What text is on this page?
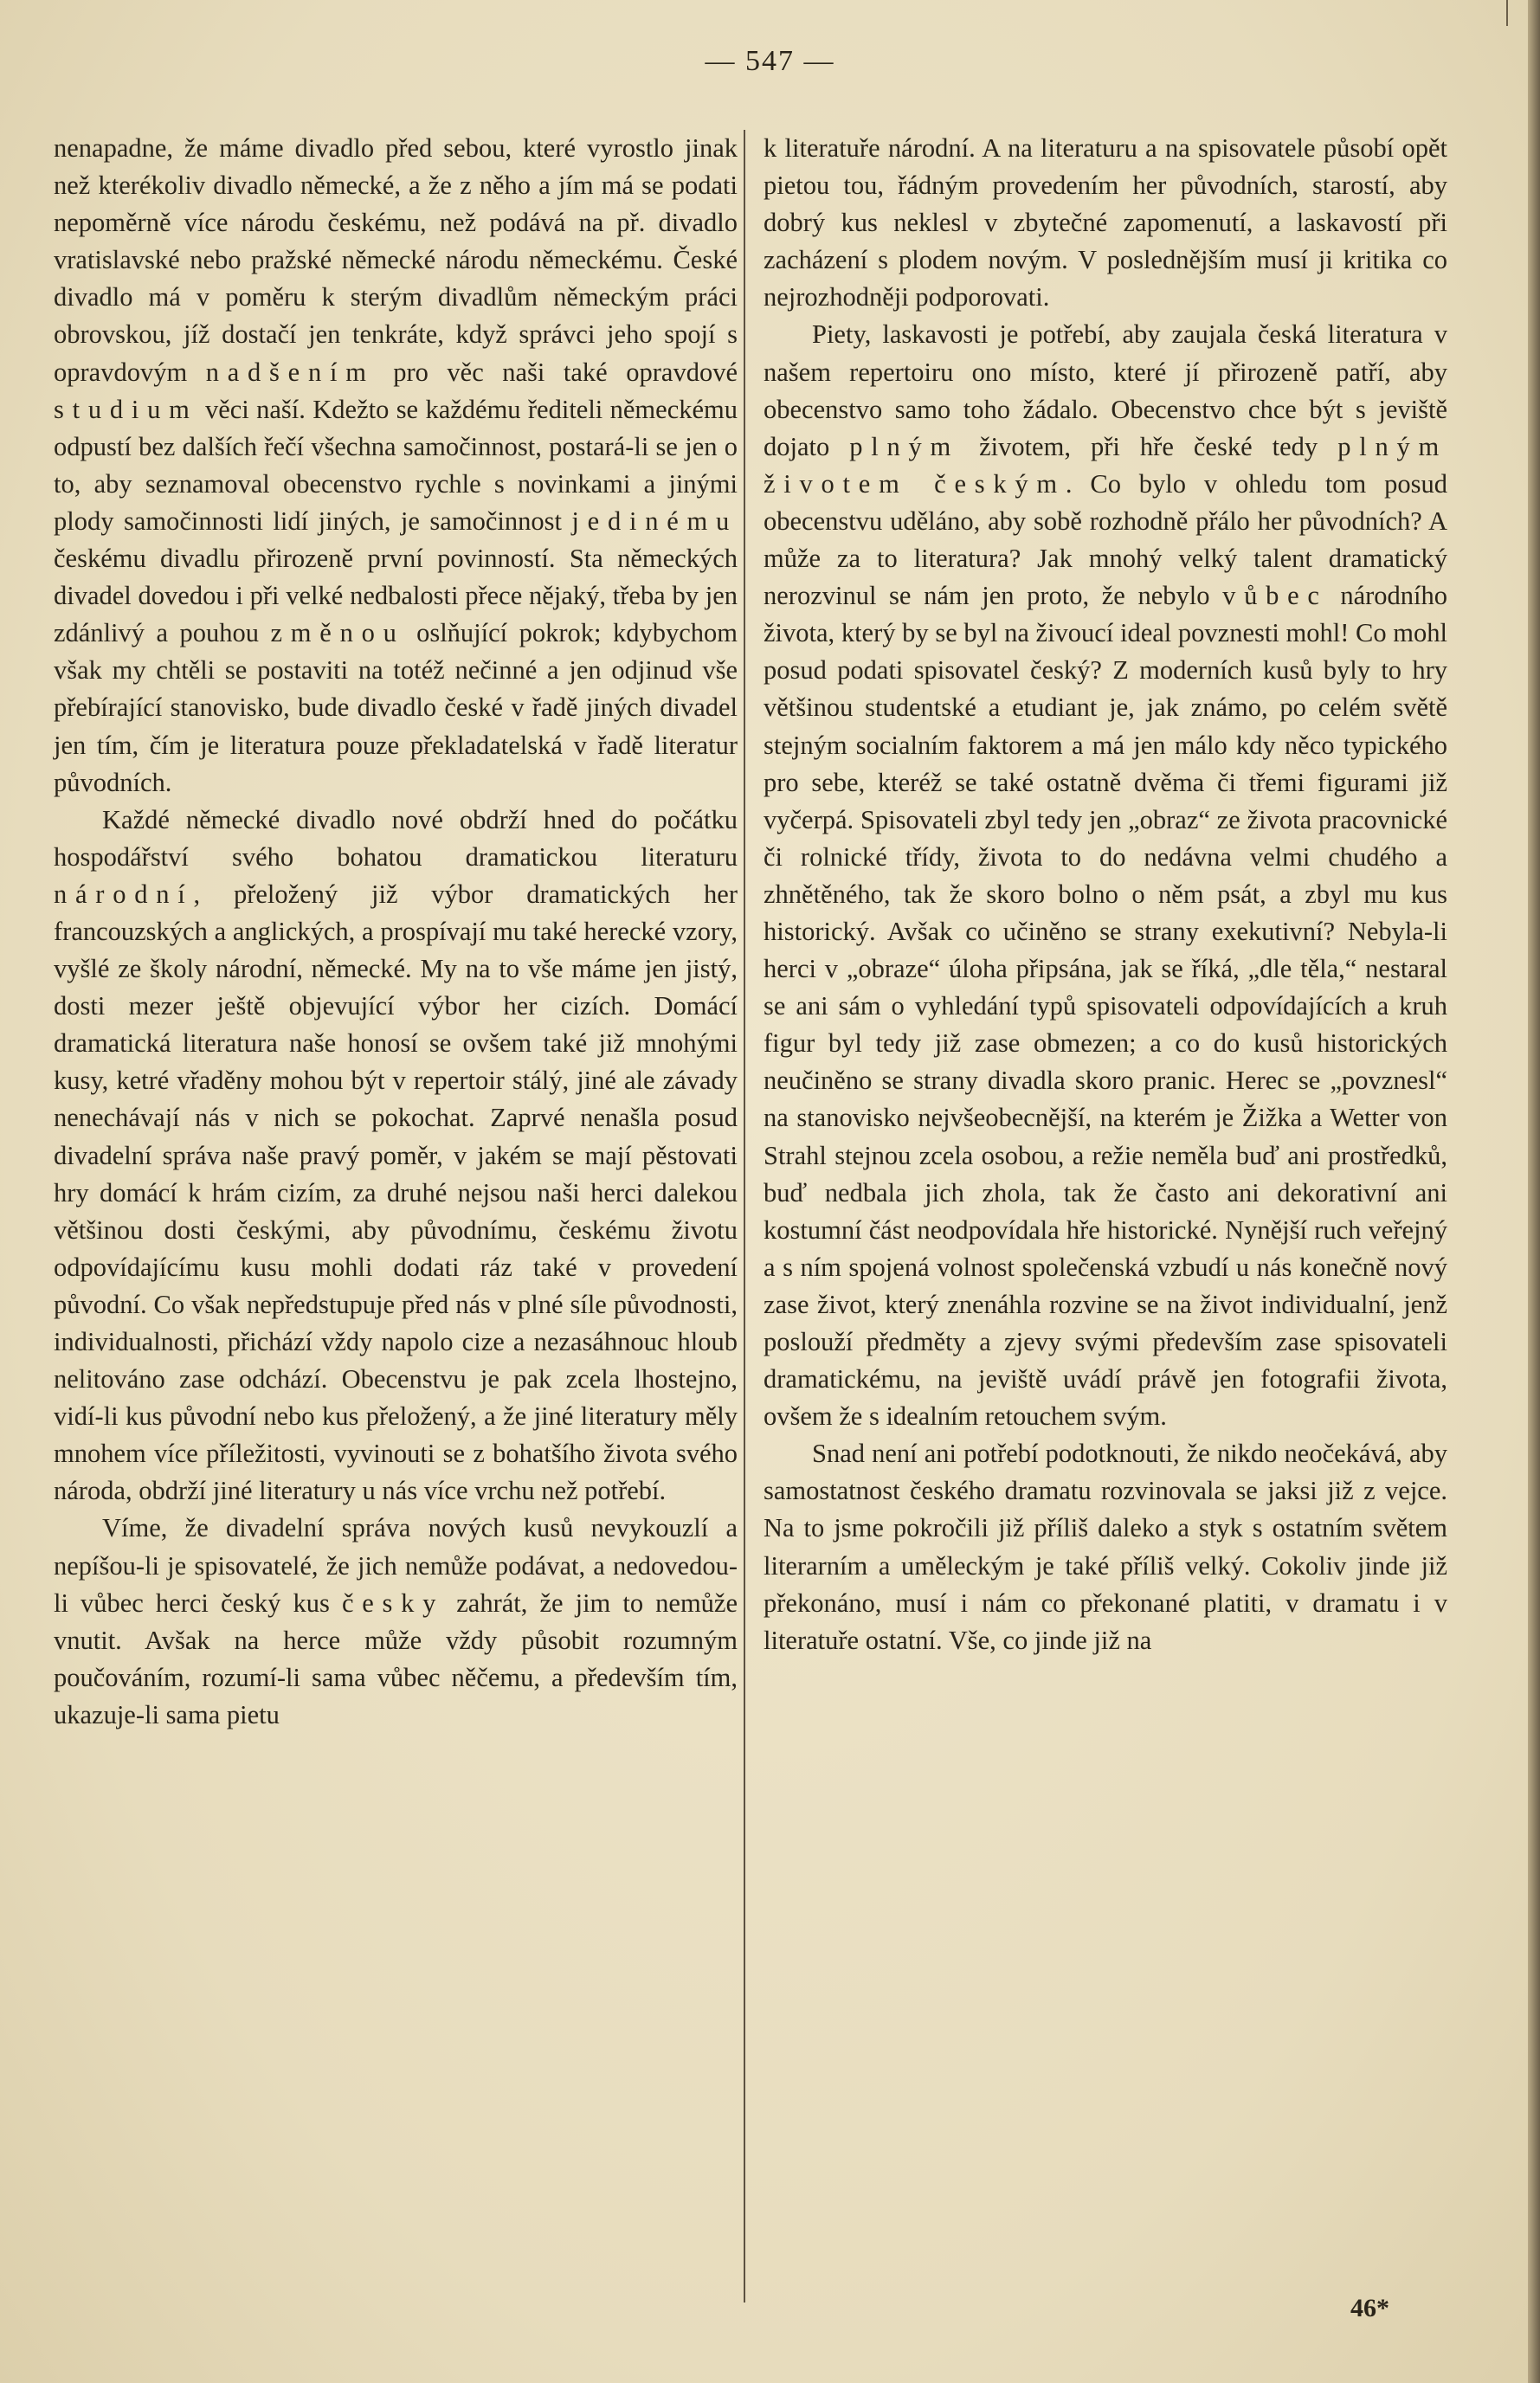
— 547 —

nenapadne, že máme divadlo před sebou, které vyrostlo jinak než kterékoliv divadlo německé, a že z něho a jím má se podati nepoměrně více národu českému, než podává na př. divadlo vratislavské nebo pražské německé národu německému. České divadlo má v poměru k sterým divadlům německým práci obrovskou, jíž dostačí jen tenkráte, když správci jeho spojí s opravdovým nadšením pro věc naši také opravdové studium věci naší. Kdežto se každému řediteli německému odpustí bez dalších řečí všechna samočinnost, postará-li se jen o to, aby seznamoval obecenstvo rychle s novinkami a jinými plody samočinnosti lidí jiných, je samočinnost jedinému českému divadlu přirozeně první povinností. Sta německých divadel dovedou i při velké nedbalosti přece nějaký, třeba by jen zdánlivý a pouhou změnou oslňující pokrok; kdybychom však my chtěli se postaviti na totéž nečinné a jen odjinud vše přebírající stanovisko, bude divadlo české v řadě jiných divadel jen tím, čím je literatura pouze překladatelská v řadě literatur původních.

Každé německé divadlo nové obdrží hned do počátku hospodářství svého bohatou dramatickou literaturu národní, přeložený již výbor dramatických her francouzských a anglických, a prospívají mu také herecké vzory, vyšlé ze školy národní, německé. My na to vše máme jen jistý, dosti mezer ještě objevující výbor her cizích. Domácí dramatická literatura naše honosí se ovšem také již mnohými kusy, ketré vřaděny mohou být v repertoir stálý, jiné ale závady nenechávají nás v nich se pokochat. Zaprvé nenašla posud divadelní správa naše pravý poměr, v jakém se mají pěstovati hry domácí k hrám cizím, za druhé nejsou naši herci dalekou většinou dosti českými, aby původnímu, českému životu odpovídajícímu kusu mohli dodati ráz také v provedení původní. Co však nepředstupuje před nás v plné síle původnosti, individualnosti, přichází vždy napolo cize a nezasáhnouc hloub nelitováno zase odchází. Obecenstvu je pak zcela lhostejno, vidí-li kus původní nebo kus přeložený, a že jiné literatury měly mnohem více příležitosti, vyvinouti se z bohatšího života svého národa, obdrží jiné literatury u nás více vrchu než potřebí.

Víme, že divadelní správa nových kusů nevykouzlí a nepíšou-li je spisovatelé, že jich nemůže podávat, a nedovedou-li vůbec herci český kus česky zahrát, že jim to nemůže vnutit. Avšak na herce může vždy působit rozumným poučováním, rozumí-li sama vůbec něčemu, a především tím, ukazuje-li sama pietu

k literatuře národní. A na literaturu a na spisovatele působí opět pietou tou, řádným provedením her původních, starostí, aby dobrý kus neklesl v zbytečné zapomenutí, a laskavostí při zacházení s plodem novým. V poslednějším musí ji kritika co nejrozhodněji podporovati.

Piety, laskavosti je potřebí, aby zaujala česká literatura v našem repertoiru ono místo, které jí přirozeně patří, aby obecenstvo samo toho žádalo. Obecenstvo chce být s jeviště dojato plným životem, při hře české tedy plným životem českým. Co bylo v ohledu tom posud obecenstvu uděláno, aby sobě rozhodně přálo her původních? A může za to literatura? Jak mnohý velký talent dramatický nerozvinul se nám jen proto, že nebylo vůbec národního života, který by se byl na živoucí ideal povznesti mohl! Co mohl posud podati spisovatel český? Z moderních kusů byly to hry většinou studentské a etudiant je, jak známo, po celém světě stejným socialním faktorem a má jen málo kdy něco typického pro sebe, kteréž se také ostatně dvěma či třemi figurami již vyčerpá. Spisovateli zbyl tedy jen „obraz“ ze života pracovnické či rolnické třídy, života to do nedávna velmi chudého a zhnětěného, tak že skoro bolno o něm psát, a zbyl mu kus historický. Avšak co učiněno se strany exekutivní? Nebyla-li herci v „obraze“ úloha připsána, jak se říká, „dle těla,“ nestaral se ani sám o vyhledání typů spisovateli odpovídajících a kruh figur byl tedy již zase obmezen; a co do kusů historických neučiněno se strany divadla skoro pranic. Herec se „povznesl“ na stanovisko nejvšeobecnější, na kterém je Žižka a Wetter von Strahl stejnou zcela osobou, a režie neměla buď ani prostředků, buď nedbala jich zhola, tak že často ani dekorativní ani kostumní část neodpovídala hře historické. Nynější ruch veřejný a s ním spojená volnost společenská vzbudí u nás konečně nový zase život, který znenáhla rozvine se na život individualní, jenž poslouží předměty a zjevy svými především zase spisovateli dramatickému, na jeviště uvádí právě jen fotografii života, ovšem že s idealním retouchem svým.

Snad není ani potřebí podotknouti, že nikdo neočekává, aby samostatnost českého dramatu rozvinovala se jaksi již z vejce. Na to jsme pokročili již příliš daleko a styk s ostatním světem literarním a uměleckým je také příliš velký. Cokoliv jinde již překonáno, musí i nám co překonané platiti, v dramatu i v literatuře ostatní. Vše, co jinde již na

46*
